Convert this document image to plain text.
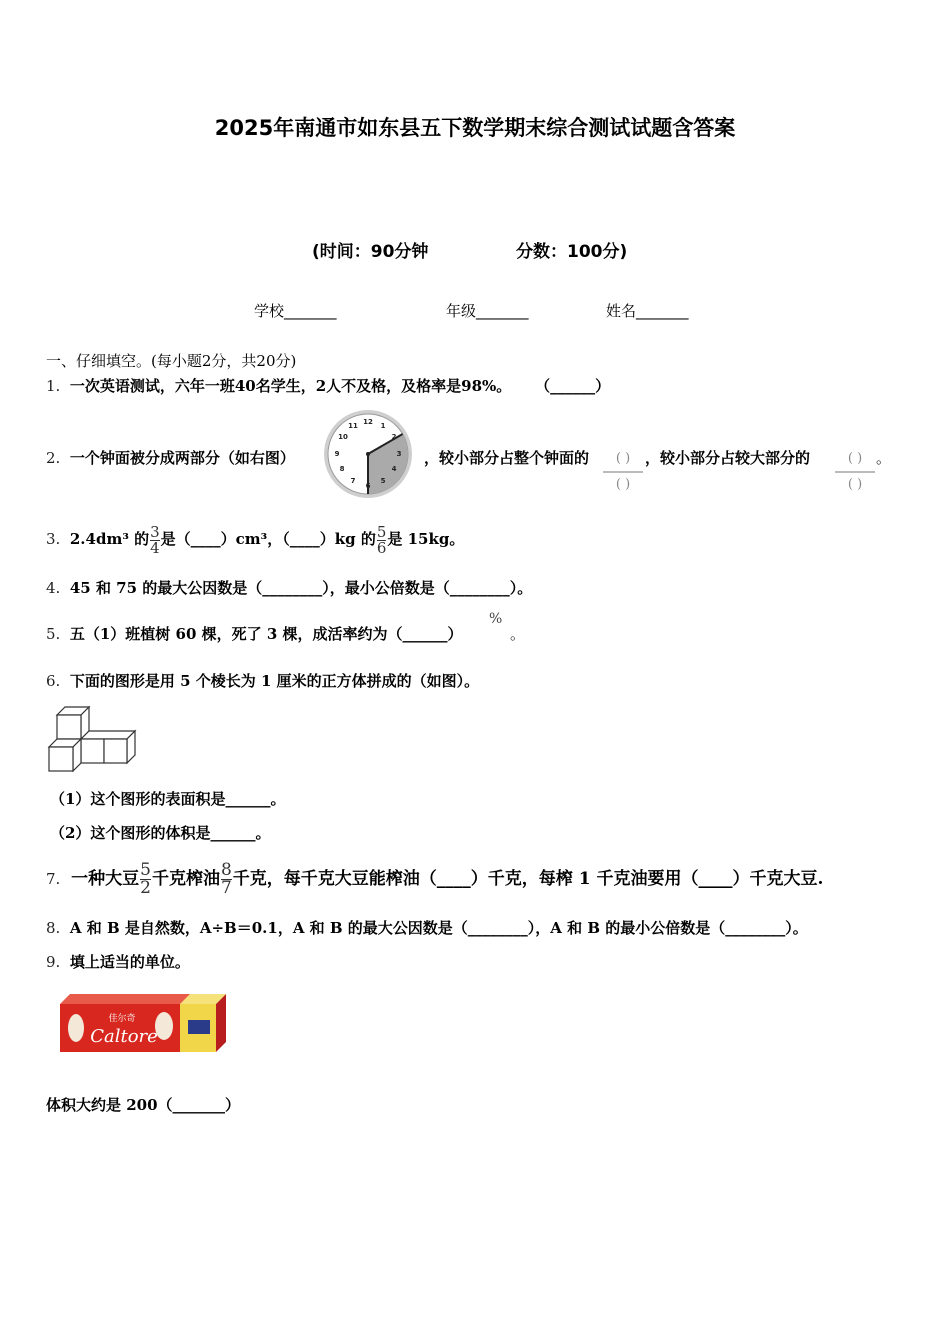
2025年南通市如东县五下数学期末综合测试试题含答案
(时间：90分钟	分数：100分)
学校_______	年级_______	姓名_______
一、仔细填空。(每小题2分，共20分)
1. 一次英语测试，六年一班40名学生，2人不及格，及格率是98%。 （______）
2. 一个钟面被分成两部分（如右图）
12 1
2
3
4
5
6
7
8
9
10
11
，较小部分占整个钟面的	( )
( )
，较小部分占较大部分的	( )
( )
。
3. 2.4dm³ 的 $\frac{3}{4}$ 是（____）cm³，（____）kg 的 $\frac{5}{6}$ 是 15kg。
4. 45 和 75 的最大公因数是（________），最小公倍数是（________）。
5. 五（1）班植树 60 棵，死了 3 棵，成活率约为（______）
%
。
6. 下面的图形是用 5 个棱长为 1 厘米的正方体拼成的（如图）。
（1）这个图形的表面积是______。
（2）这个图形的体积是______。
7. 一种大豆 $\frac{5}{2}$ 千克榨油 $\frac{8}{7}$ 千克，每千克大豆能榨油（____）千克，每榨 1 千克油要用（____）千克大豆.
8. A 和 B 是自然数，A÷B＝0.1，A 和 B 的最大公因数是（________），A 和 B 的最小公倍数是（________）。
9. 填上适当的单位。
佳尔奇
Caltore
体积大约是 200（_______）
